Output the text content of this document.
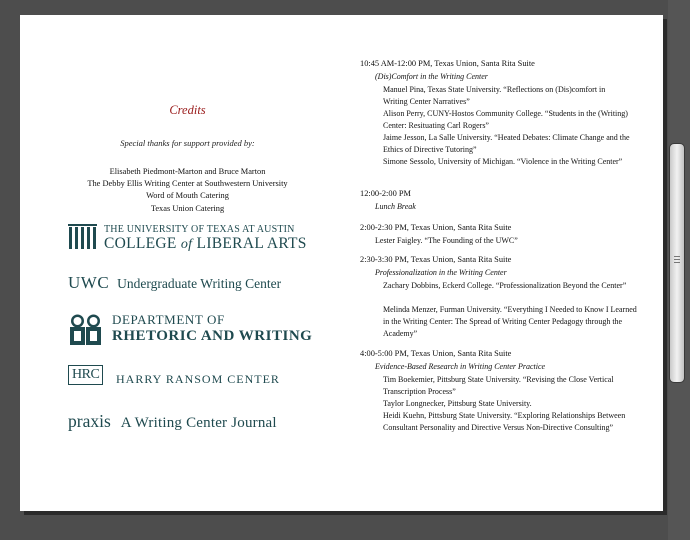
Credits
Special thanks for support provided by:
Elisabeth Piedmont-Marton and Bruce Marton
The Debby Ellis Writing Center at Southwestern University
Word of Mouth Catering
Texas Union Catering
THE UNIVERSITY OF TEXAS AT AUSTIN
COLLEGE of LIBERAL ARTS
UWC Undergraduate Writing Center
DEPARTMENT OF
RHETORIC AND WRITING
HRC	HARRY RANSOM CENTER
praxis A Writing Center Journal
10:45 AM-12:00 PM, Texas Union, Santa Rita Suite
(Dis)Comfort in the Writing Center
Manuel Pina, Texas State University. “Reflections on (Dis)comfort in Writing Center Narratives”
Alison Perry, CUNY-Hostos Community College. “Students in the (Writing) Center: Resituating Carl Rogers”
Jaime Jesson, La Salle University. “Heated Debates: Climate Change and the Ethics of Directive Tutoring”
Simone Sessolo, University of Michigan. “Violence in the Writing Center”
12:00-2:00 PM
Lunch Break
2:00-2:30 PM, Texas Union, Santa Rita Suite
Lester Faigley. “The Founding of the UWC”
2:30-3:30 PM, Texas Union, Santa Rita Suite
Professionalization in the Writing Center
Zachary Dobbins, Eckerd College. “Professionalization Beyond the Center”
Melinda Menzer, Furman University. “Everything I Needed to Know I Learned in the Writing Center: The Spread of Writing Center Pedagogy through the Academy”
4:00-5:00 PM, Texas Union, Santa Rita Suite
Evidence-Based Research in Writing Center Practice
Tim Boekemier, Pittsburg State University. “Revising the Close Vertical Transcription Process”
Taylor Longnecker, Pittsburg State University.
Heidi Kuehn, Pittsburg State University. “Exploring Relationships Between Consultant Personality and Directive Versus Non-Directive Consulting”
